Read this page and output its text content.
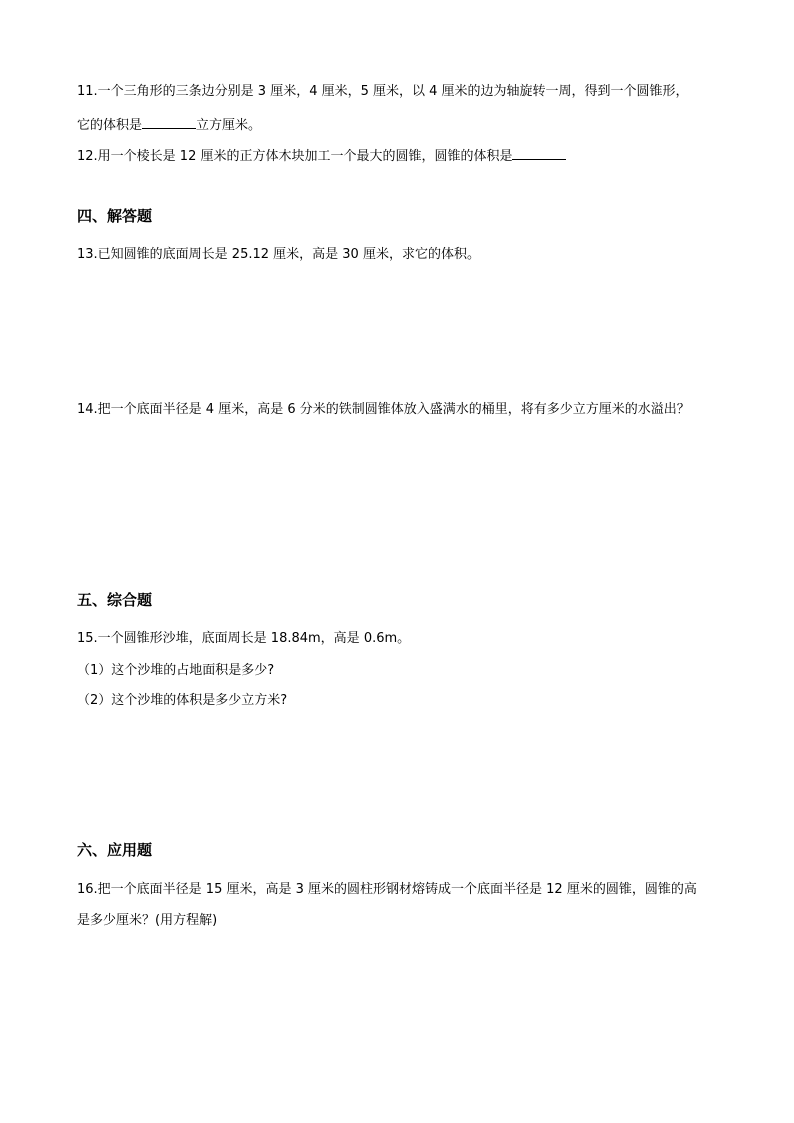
11.一个三角形的三条边分别是 3 厘米，4 厘米，5 厘米，以 4 厘米的边为轴旋转一周，得到一个圆锥形，
它的体积是	立方厘米。
12.用一个棱长是 12 厘米的正方体木块加工一个最大的圆锥，圆锥的体积是
四、解答题
13.已知圆锥的底面周长是 25.12 厘米，高是 30 厘米，求它的体积。
14.把一个底面半径是 4 厘米，高是 6 分米的铁制圆锥体放入盛满水的桶里，将有多少立方厘米的水溢出？
五、综合题
15.一个圆锥形沙堆，底面周长是 18.84m，高是 0.6m。
（1）这个沙堆的占地面积是多少?
（2）这个沙堆的体积是多少立方米?
六、应用题
16.把一个底面半径是 15 厘米，高是 3 厘米的圆柱形钢材熔铸成一个底面半径是 12 厘米的圆锥，圆锥的高
是多少厘米？(用方程解)
